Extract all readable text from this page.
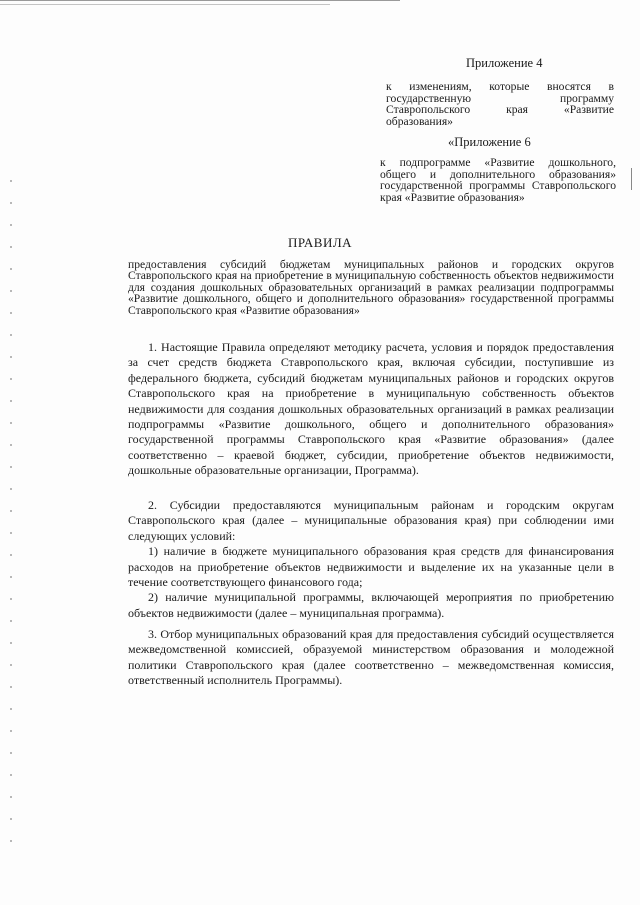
Приложение 4
к изменениям, которые вносятся в государственную программу Ставропольского края «Развитие образования»
«Приложение 6
к подпрограмме «Развитие дошкольного, общего и дополнительного образования» государственной программы Ставропольского края «Развитие образования»
ПРАВИЛА
предоставления субсидий бюджетам муниципальных районов и городских округов Ставропольского края на приобретение в муниципальную собственность объектов недвижимости для создания дошкольных образовательных организаций в рамках реализации подпрограммы «Развитие дошкольного, общего и дополнительного образования» государственной программы Ставропольского края «Развитие образования»
1. Настоящие Правила определяют методику расчета, условия и порядок предоставления за счет средств бюджета Ставропольского края, включая субсидии, поступившие из федерального бюджета, субсидий бюджетам муниципальных районов и городских округов Ставропольского края на приобретение в муниципальную собственность объектов недвижимости для создания дошкольных образовательных организаций в рамках реализации подпрограммы «Развитие дошкольного, общего и дополнительного образования» государственной программы Ставропольского края «Развитие образования» (далее соответственно – краевой бюджет, субсидии, приобретение объектов недвижимости, дошкольные образовательные организации, Программа).
2. Субсидии предоставляются муниципальным районам и городским округам Ставропольского края (далее – муниципальные образования края) при соблюдении ими следующих условий:
1) наличие в бюджете муниципального образования края средств для финансирования расходов на приобретение объектов недвижимости и выделение их на указанные цели в течение соответствующего финансового года;
2) наличие муниципальной программы, включающей мероприятия по приобретению объектов недвижимости (далее – муниципальная программа).
3. Отбор муниципальных образований края для предоставления субсидий осуществляется межведомственной комиссией, образуемой министерством образования и молодежной политики Ставропольского края (далее соответственно – межведомственная комиссия, ответственный исполнитель Программы).
